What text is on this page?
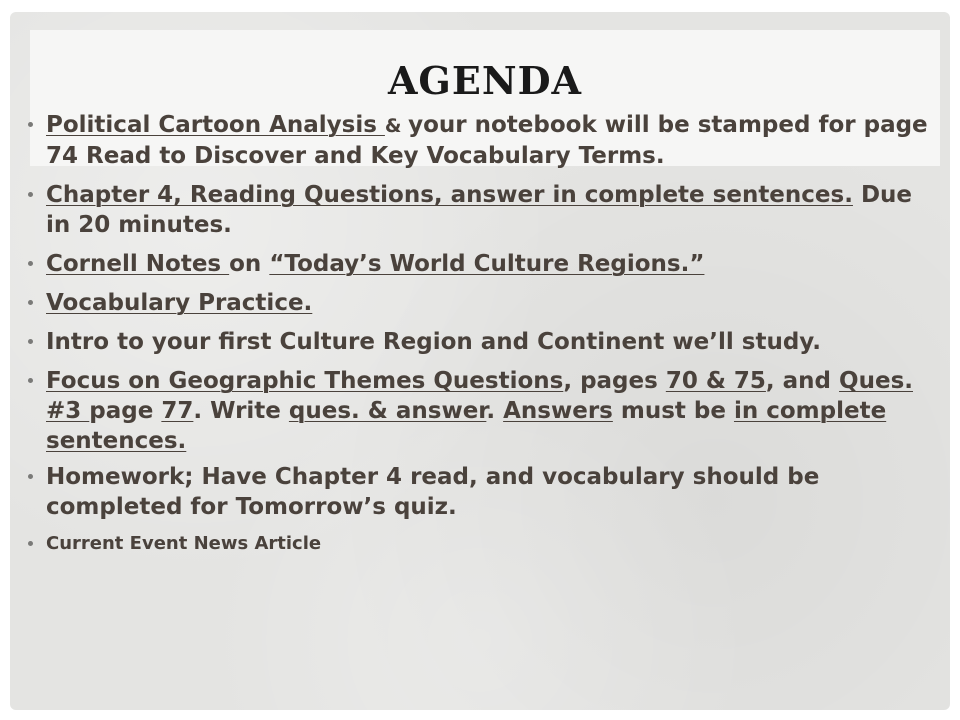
AGENDA
Political Cartoon Analysis & your notebook will be stamped for page 74 Read to Discover and Key Vocabulary Terms.
Chapter 4, Reading Questions, answer in complete sentences. Due in 20 minutes.
Cornell Notes on “Today’s World Culture Regions.”
Vocabulary Practice.
Intro to your first Culture Region and Continent we’ll study.
Focus on Geographic Themes Questions, pages 70 & 75, and Ques. #3 page 77. Write ques. & answer. Answers must be in complete sentences.
Homework; Have Chapter 4 read, and vocabulary should be completed for Tomorrow’s quiz.
Current Event News Article
